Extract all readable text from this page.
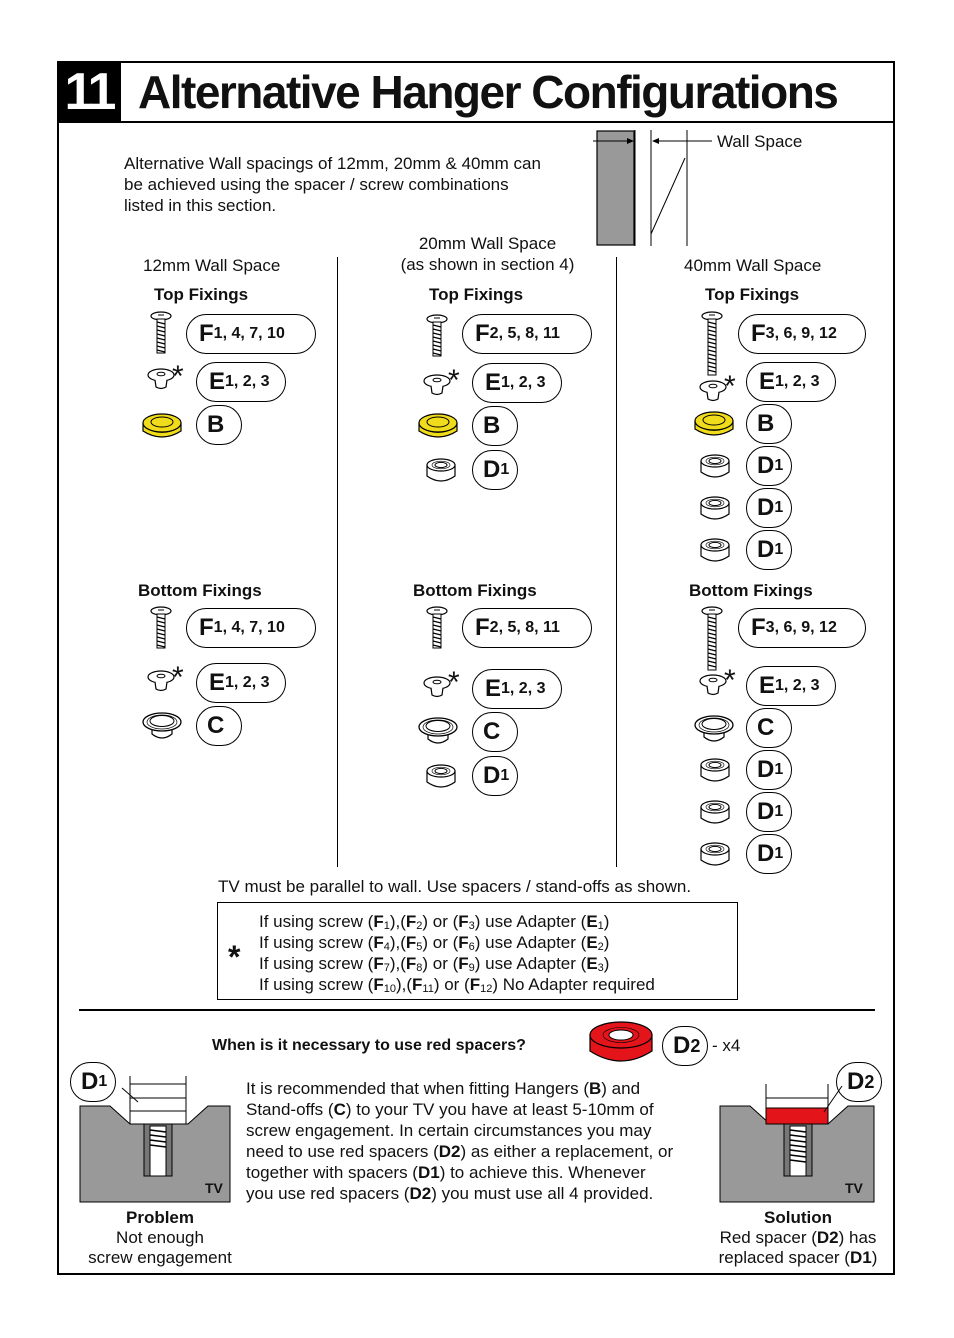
11 Alternative Hanger Configurations
Alternative Wall spacings of 12mm, 20mm & 40mm can
be achieved using the spacer / screw combinations
listed in this section.
Wall Space
12mm Wall Space
20mm Wall Space
(as shown in section 4)	40mm Wall Space
Top Fixings
F 1, 4, 7, 10
* E 1, 2, 3
B
Bottom Fixings
F 1, 4, 7, 10
* E 1, 2, 3
C
Top Fixings
F 2, 5, 8, 11
* E 1, 2, 3
B
D 1
Bottom Fixings
F 2, 5, 8, 11
* E 1, 2, 3
C
D 1
Top Fixings
F 3, 6, 9, 12
* E 1, 2, 3
B
D 1
D 1
D 1
Bottom Fixings
F 3, 6, 9, 12
* E 1, 2, 3
C
D 1
D 1
D 1
TV must be parallel to wall. Use spacers / stand-offs as shown.
*
If using screw $(F_1),(F_2)$ or $(F_3)$ use Adapter $(E_1)$
If using screw $(F_4),(F_5)$ or $(F_6)$ use Adapter $(E_2)$
If using screw $(F_7),(F_8)$ or $(F_9)$ use Adapter $(E_3)$
If using screw $(F_{10}),(F_{11})$ or $(F_{12})$ No Adapter required
When is it necessary to use red spacers?	D 2 - x4
It is recommended that when fitting Hangers (B) and
Stand-offs (C) to your TV you have at least 5-10mm of
screw engagement. In certain circumstances you may
need to use red spacers (D2) as either a replacement, or
together with spacers (D1) to achieve this. Whenever
you use red spacers (D2) you must use all 4 provided.
D 1
TV
Problem
Not enough
screw engagement
D 2
TV
Solution
Red spacer (D2) has
replaced spacer (D1)
